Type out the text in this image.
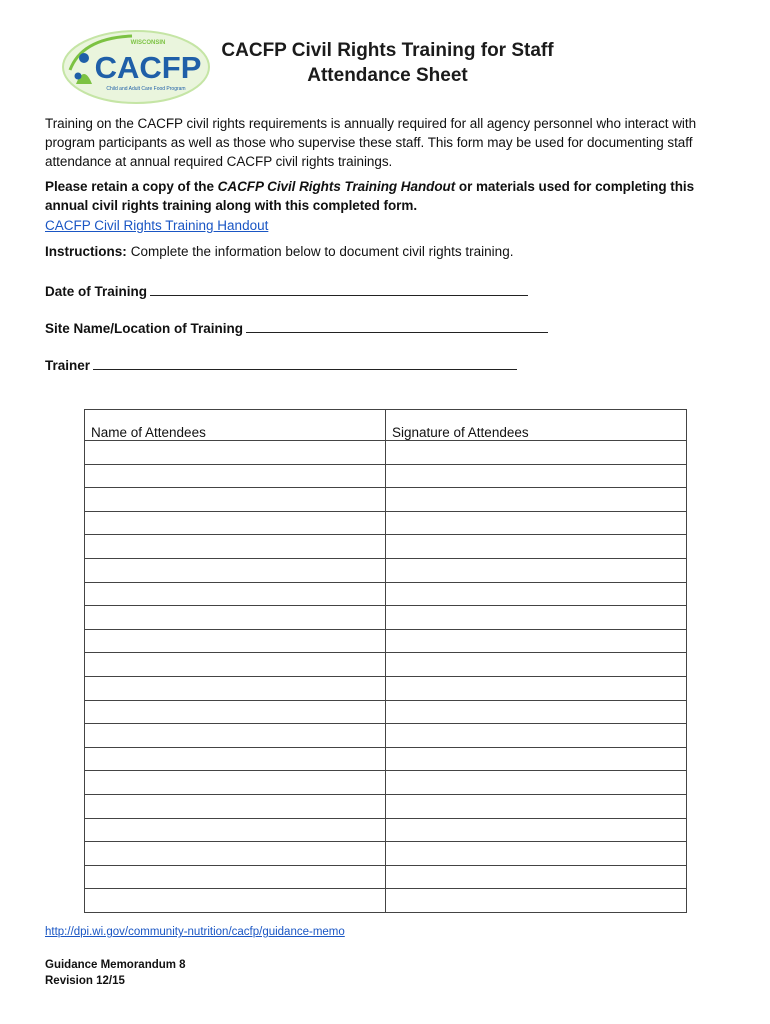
WISCONSIN
CACFP
Child and Adult Care Food Program
CACFP Civil Rights Training for Staff
Attendance Sheet
Training on the CACFP civil rights requirements is annually required for all agency personnel who interact with program participants as well as those who supervise these staff. This form may be used for documenting staff attendance at annual required CACFP civil rights trainings.
Please retain a copy of the CACFP Civil Rights Training Handout or materials used for completing this annual civil rights training along with this completed form.
CACFP Civil Rights Training Handout
Instructions: Complete the information below to document civil rights training.
Date of Training
Site Name/Location of Training
Trainer
Name of Attendees	Signature of Attendees

http://dpi.wi.gov/community-nutrition/cacfp/guidance-memo
Guidance Memorandum 8
Revision 12/15
